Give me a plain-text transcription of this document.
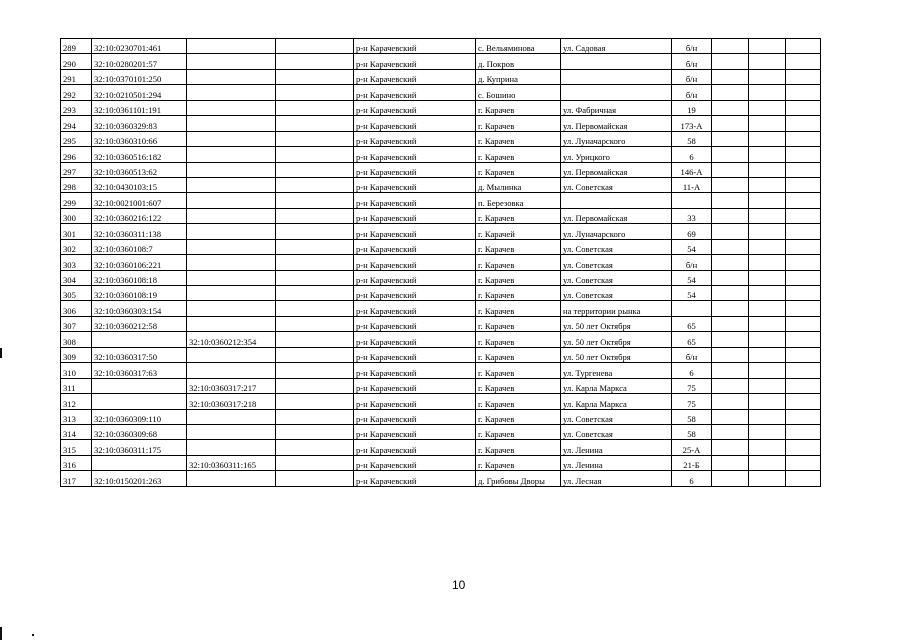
289	32:10:0230701:461			р-н Карачевский	с. Вельяминова	ул. Садовая	б/н			
290	32:10:0280201:57			р-н Карачевский	д. Покров		б/н			
291	32:10:0370101:250			р-н Карачевский	д. Куприна		б/н			
292	32:10:0210501:294			р-н Карачевский	с. Бошино		б/н			
293	32:10:0361101:191			р-н Карачевский	г. Карачев	ул. Фабричная	19			
294	32:10:0360329:83			р-н Карачевский	г. Карачев	ул. Первомайская	173-А			
295	32:10:0360310:66			р-н Карачевский	г. Карачев	ул. Луначарского	58			
296	32:10:0360516:182			р-н Карачевский	г. Карачев	ул. Урицкого	6			
297	32:10:0360513:62			р-н Карачевский	г. Карачев	ул. Первомайская	146-А			
298	32:10:0430103:15			р-н Карачевский	д. Мылинка	ул. Советская	11-А			
299	32:10:0021001:607			р-н Карачевский	п. Березовка					
300	32:10:0360216:122			р-н Карачевский	г. Карачев	ул. Первомайская	33			
301	32:10:0360311:138			р-н Карачевский	г. Карачей	ул. Луначарского	69			
302	32:10:0360108:7			р-н Карачевский	г. Карачев	ул. Советская	54			
303	32:10:0360106:221			р-н Карачевский	г. Карачев	ул. Советская	б/н			
304	32:10:0360108:18			р-н Карачевский	г. Карачев	ул. Советская	54			
305	32:10:0360108:19			р-н Карачевский	г. Карачев	ул. Советская	54			
306	32:10:0360303:154			р-н Карачевский	г. Карачев	на территории рынка				
307	32:10:0360212:58			р-н Карачевский	г. Карачев	ул. 50 лет Октября	65			
308		32:10:0360212:354		р-н Карачевский	г. Карачев	ул. 50 лет Октября	65			
309	32:10:0360317:50			р-н Карачевский	г. Карачев	ул. 50 лет Октября	б/н			
310	32:10:0360317:63			р-н Карачевский	г. Карачев	ул. Тургенева	6			
311		32:10:0360317:217		р-н Карачевский	г. Карачев	ул. Карла Маркса	75			
312		32:10:0360317:218		р-н Карачевский	г. Карачев	ул. Карла Маркса	75			
313	32:10:0360309:110			р-н Карачевский	г. Карачев	ул. Советская	58			
314	32:10:0360309:68			р-н Карачевский	г. Карачев	ул. Советская	58			
315	32:10:0360311:175			р-н Карачевский	г. Карачев	ул. Ленина	25-А			
316		32:10:0360311:165		р-н Карачевский	г. Карачев	ул. Ленина	21-Б			
317	32:10:0150201:263			р-н Карачевский	д. Грибовы Дворы	ул. Лесная	6			
10
